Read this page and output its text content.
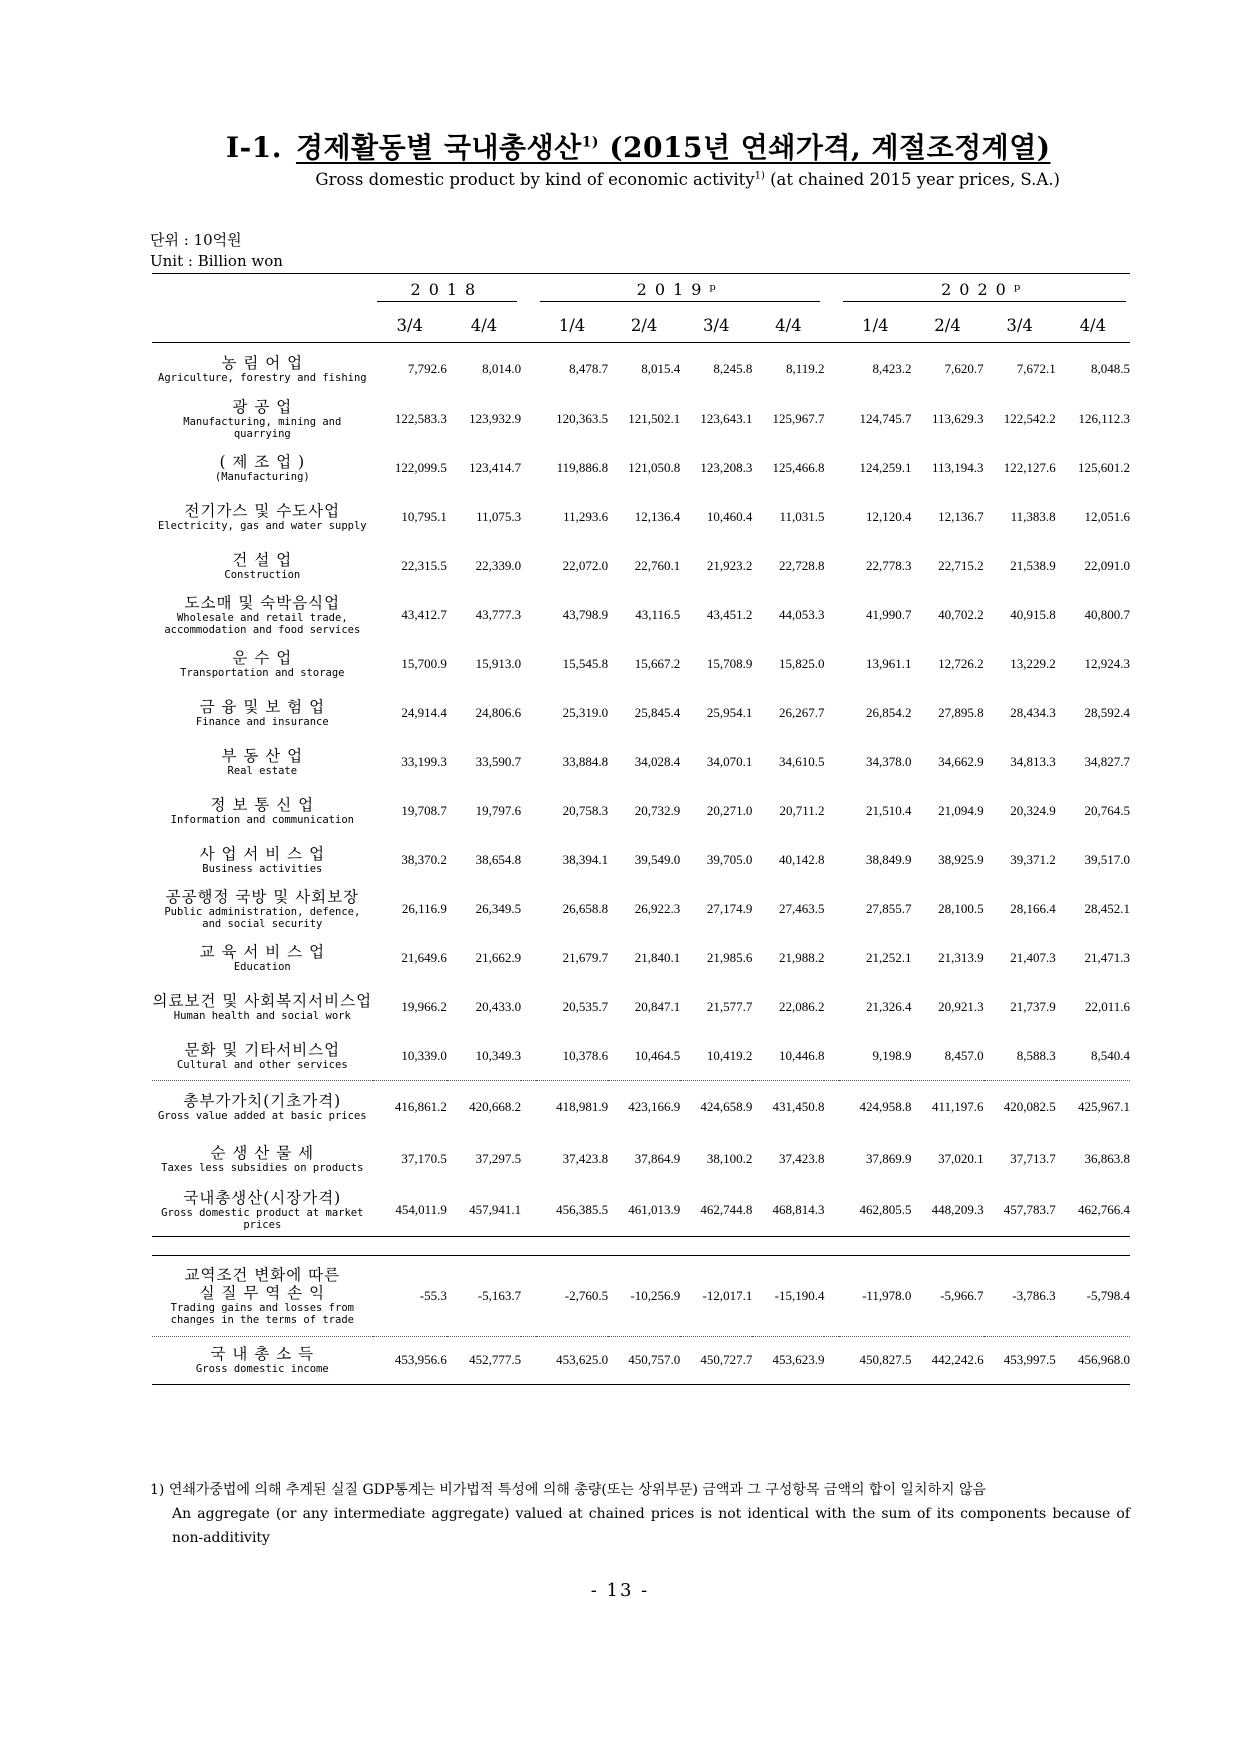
Ⅰ-1. 경제활동별 국내총생산$^{1)}$ (2015년 연쇄가격, 계절조정계열)
Gross domestic product by kind of economic activity$^{1)}$ (at chained 2015 year prices, S.A.)
단위 : 10억원
Unit : Billion won

	2018			2019ᵖ					2020ᵖ			

	3/4	4/4		1/4	2/4	3/4	4/4		1/4	2/4	3/4	4/4

농 림 어 업
Agriculture, forestry and fishing	7,792.6	8,014.0		8,478.7	8,015.4	8,245.8	8,119.2		8,423.2	7,620.7	7,672.1	8,048.5

광 공 업
Manufacturing, mining and quarrying	122,583.3	123,932.9		120,363.5	121,502.1	123,643.1	125,967.7		124,745.7	113,629.3	122,542.2	126,112.3

( 제 조 업 )
(Manufacturing)	122,099.5	123,414.7		119,886.8	121,050.8	123,208.3	125,466.8		124,259.1	113,194.3	122,127.6	125,601.2

전기가스 및 수도사업
Electricity, gas and water supply	10,795.1	11,075.3		11,293.6	12,136.4	10,460.4	11,031.5		12,120.4	12,136.7	11,383.8	12,051.6

건 설 업
Construction	22,315.5	22,339.0		22,072.0	22,760.1	21,923.2	22,728.8		22,778.3	22,715.2	21,538.9	22,091.0

도소매 및 숙박음식업
Wholesale and retail trade, accommodation and food services	43,412.7	43,777.3		43,798.9	43,116.5	43,451.2	44,053.3		41,990.7	40,702.2	40,915.8	40,800.7

운 수 업
Transportation and storage	15,700.9	15,913.0		15,545.8	15,667.2	15,708.9	15,825.0		13,961.1	12,726.2	13,229.2	12,924.3

금 융 및 보 험 업
Finance and insurance	24,914.4	24,806.6		25,319.0	25,845.4	25,954.1	26,267.7		26,854.2	27,895.8	28,434.3	28,592.4

부 동 산 업
Real estate	33,199.3	33,590.7		33,884.8	34,028.4	34,070.1	34,610.5		34,378.0	34,662.9	34,813.3	34,827.7

정 보 통 신 업
Information and communication	19,708.7	19,797.6		20,758.3	20,732.9	20,271.0	20,711.2		21,510.4	21,094.9	20,324.9	20,764.5

사 업 서 비 스 업
Business activities	38,370.2	38,654.8		38,394.1	39,549.0	39,705.0	40,142.8		38,849.9	38,925.9	39,371.2	39,517.0

공공행정 국방 및 사회보장
Public administration, defence, and social security	26,116.9	26,349.5		26,658.8	26,922.3	27,174.9	27,463.5		27,855.7	28,100.5	28,166.4	28,452.1

교 육 서 비 스 업
Education	21,649.6	21,662.9		21,679.7	21,840.1	21,985.6	21,988.2		21,252.1	21,313.9	21,407.3	21,471.3

의료보건 및 사회복지서비스업
Human health and social work	19,966.2	20,433.0		20,535.7	20,847.1	21,577.7	22,086.2		21,326.4	20,921.3	21,737.9	22,011.6

문화 및 기타서비스업
Cultural and other services	10,339.0	10,349.3		10,378.6	10,464.5	10,419.2	10,446.8		9,198.9	8,457.0	8,588.3	8,540.4

총부가가치(기초가격)
Gross value added at basic prices	416,861.2	420,668.2		418,981.9	423,166.9	424,658.9	431,450.8		424,958.8	411,197.6	420,082.5	425,967.1

순 생 산 물 세
Taxes less subsidies on products	37,170.5	37,297.5		37,423.8	37,864.9	38,100.2	37,423.8		37,869.9	37,020.1	37,713.7	36,863.8

국내총생산(시장가격)
Gross domestic product at market prices	454,011.9	457,941.1		456,385.5	461,013.9	462,744.8	468,814.3		462,805.5	448,209.3	457,783.7	462,766.4

교역조건 변화에 따른
실 질 무 역 손 익
Trading gains and losses from changes in the terms of trade	-55.3	-5,163.7		-2,760.5	-10,256.9	-12,017.1	-15,190.4		-11,978.0	-5,966.7	-3,786.3	-5,798.4

국 내 총 소 득
Gross domestic income	453,956.6	452,777.5		453,625.0	450,757.0	450,727.7	453,623.9		450,827.5	442,242.6	453,997.5	456,968.0
1) 연쇄가중법에 의해 추계된 실질 GDP통계는 비가법적 특성에 의해 총량(또는 상위부문) 금액과 그 구성항목 금액의 합이 일치하지 않음
An aggregate (or any intermediate aggregate) valued at chained prices is not identical with the sum of its components because of
non-additivity
- 13 -
